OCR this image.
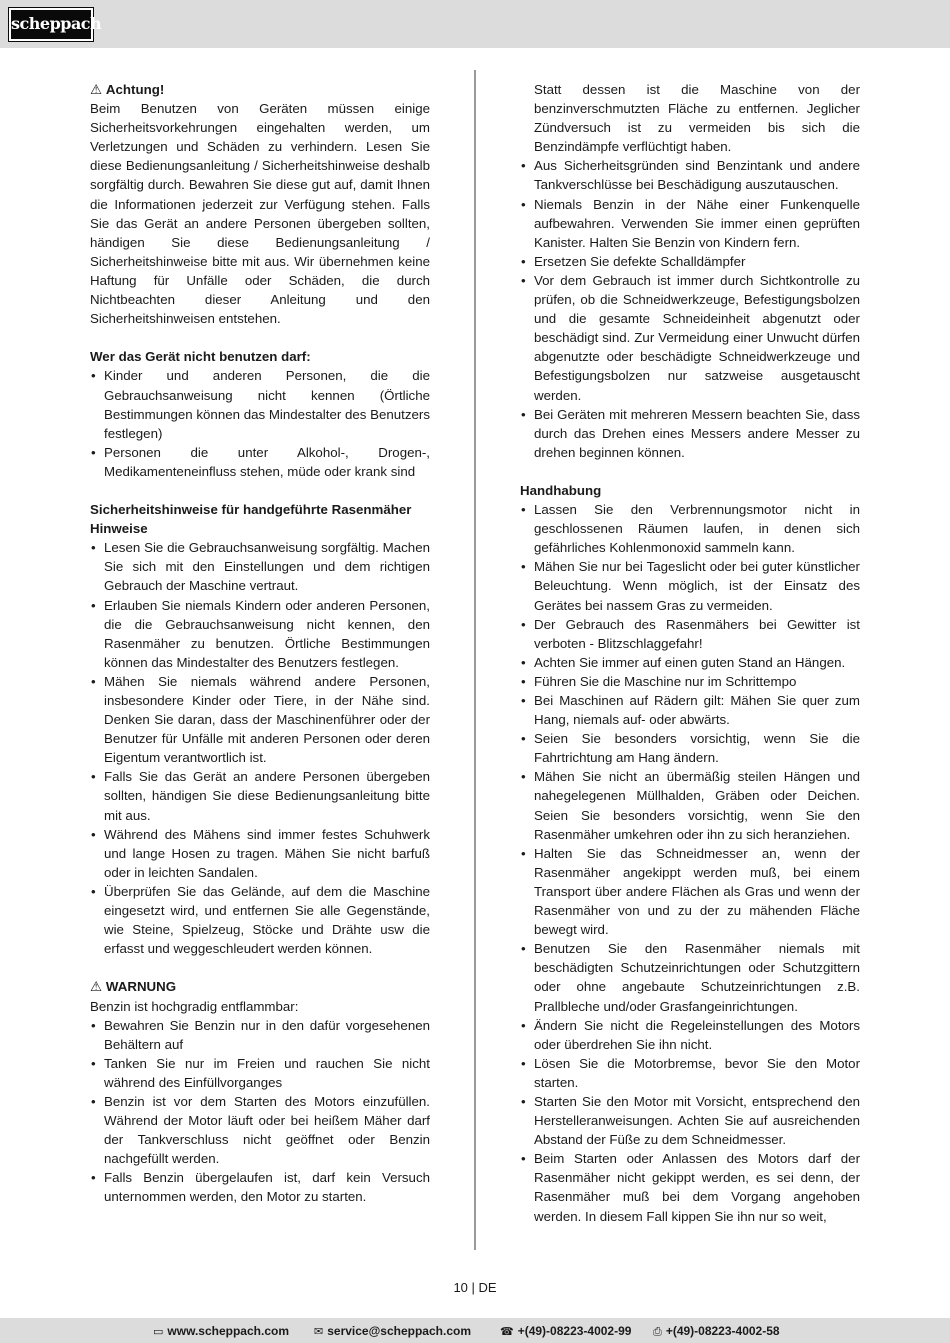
scheppach

⚠ Achtung!

Beim Benutzen von Geräten müssen einige Sicherheitsvorkehrungen eingehalten werden, um Verletzungen und Schäden zu verhindern. Lesen Sie diese Bedienungsanleitung / Sicherheitshinweise deshalb sorgfältig durch. Bewahren Sie diese gut auf, damit Ihnen die Informationen jederzeit zur Verfügung stehen. Falls Sie das Gerät an andere Personen übergeben sollten, händigen Sie diese Bedienungsanleitung / Sicherheitshinweise bitte mit aus. Wir übernehmen keine Haftung für Unfälle oder Schäden, die durch Nichtbeachten dieser Anleitung und den Sicherheitshinweisen entstehen.

Wer das Gerät nicht benutzen darf:

• Kinder und anderen Personen, die die Gebrauchsanweisung nicht kennen (Örtliche Bestimmungen können das Mindestalter des Benutzers festlegen)
• Personen die unter Alkohol-, Drogen-, Medikamenteneinfluss stehen, müde oder krank sind

Sicherheitshinweise für handgeführte Rasenmäher

Hinweise

• Lesen Sie die Gebrauchsanweisung sorgfältig. Machen Sie sich mit den Einstellungen und dem richtigen Gebrauch der Maschine vertraut.
• Erlauben Sie niemals Kindern oder anderen Personen, die die Gebrauchsanweisung nicht kennen, den Rasenmäher zu benutzen. Örtliche Bestimmungen können das Mindestalter des Benutzers festlegen.
• Mähen Sie niemals während andere Personen, insbesondere Kinder oder Tiere, in der Nähe sind. Denken Sie daran, dass der Maschinenführer oder der Benutzer für Unfälle mit anderen Personen oder deren Eigentum verantwortlich ist.
• Falls Sie das Gerät an andere Personen übergeben sollten, händigen Sie diese Bedienungsanleitung bitte mit aus.
• Während des Mähens sind immer festes Schuhwerk und lange Hosen zu tragen. Mähen Sie nicht barfuß oder in leichten Sandalen.
• Überprüfen Sie das Gelände, auf dem die Maschine eingesetzt wird, und entfernen Sie alle Gegenstände, wie Steine, Spielzeug, Stöcke und Drähte usw die erfasst und weggeschleudert werden können.

⚠ WARNUNG

Benzin ist hochgradig entflammbar:

• Bewahren Sie Benzin nur in den dafür vorgesehenen Behältern auf
• Tanken Sie nur im Freien und rauchen Sie nicht während des Einfüllvorganges
• Benzin ist vor dem Starten des Motors einzufüllen. Während der Motor läuft oder bei heißem Mäher darf der Tankverschluss nicht geöffnet oder Benzin nachgefüllt werden.
• Falls Benzin übergelaufen ist, darf kein Versuch unternommen werden, den Motor zu starten.

Statt dessen ist die Maschine von der benzinverschmutzten Fläche zu entfernen. Jeglicher Zündversuch ist zu vermeiden bis sich die Benzindämpfe verflüchtigt haben.

• Aus Sicherheitsgründen sind Benzintank und andere Tankverschlüsse bei Beschädigung auszutauschen.
• Niemals Benzin in der Nähe einer Funkenquelle aufbewahren. Verwenden Sie immer einen geprüften Kanister. Halten Sie Benzin von Kindern fern.
• Ersetzen Sie defekte Schalldämpfer
• Vor dem Gebrauch ist immer durch Sichtkontrolle zu prüfen, ob die Schneidwerkzeuge, Befestigungsbolzen und die gesamte Schneideinheit abgenutzt oder beschädigt sind. Zur Vermeidung einer Unwucht dürfen abgenutzte oder beschädigte Schneidwerkzeuge und Befestigungsbolzen nur satzweise ausgetauscht werden.
• Bei Geräten mit mehreren Messern beachten Sie, dass durch das Drehen eines Messers andere Messer zu drehen beginnen können.

Handhabung

• Lassen Sie den Verbrennungsmotor nicht in geschlossenen Räumen laufen, in denen sich gefährliches Kohlenmonoxid sammeln kann.
• Mähen Sie nur bei Tageslicht oder bei guter künstlicher Beleuchtung. Wenn möglich, ist der Einsatz des Gerätes bei nassem Gras zu vermeiden.
• Der Gebrauch des Rasenmähers bei Gewitter ist verboten - Blitzschlaggefahr!
• Achten Sie immer auf einen guten Stand an Hängen.
• Führen Sie die Maschine nur im Schrittempo
• Bei Maschinen auf Rädern gilt: Mähen Sie quer zum Hang, niemals auf- oder abwärts.
• Seien Sie besonders vorsichtig, wenn Sie die Fahrtrichtung am Hang ändern.
• Mähen Sie nicht an übermäßig steilen Hängen und nahegelegenen Müllhalden, Gräben oder Deichen. Seien Sie besonders vorsichtig, wenn Sie den Rasenmäher umkehren oder ihn zu sich heranziehen.
• Halten Sie das Schneidmesser an, wenn der Rasenmäher angekippt werden muß, bei einem Transport über andere Flächen als Gras und wenn der Rasenmäher von und zu der zu mähenden Fläche bewegt wird.
• Benutzen Sie den Rasenmäher niemals mit beschädigten Schutzeinrichtungen oder Schutzgittern oder ohne angebaute Schutzeinrichtungen z.B. Prallbleche und/oder Grasfangeinrichtungen.
• Ändern Sie nicht die Regeleinstellungen des Motors oder überdrehen Sie ihn nicht.
• Lösen Sie die Motorbremse, bevor Sie den Motor starten.
• Starten Sie den Motor mit Vorsicht, entsprechend den Herstelleranweisungen. Achten Sie auf ausreichenden Abstand der Füße zu dem Schneidmesser.
• Beim Starten oder Anlassen des Motors darf der Rasenmäher nicht gekippt werden, es sei denn, der Rasenmäher muß bei dem Vorgang angehoben werden. In diesem Fall kippen Sie ihn nur so weit,
10 | DE
▭ www.scheppach.com ✉ service@scheppach.com	☎ +(49)-08223-4002-99 ⎙ +(49)-08223-4002-58
